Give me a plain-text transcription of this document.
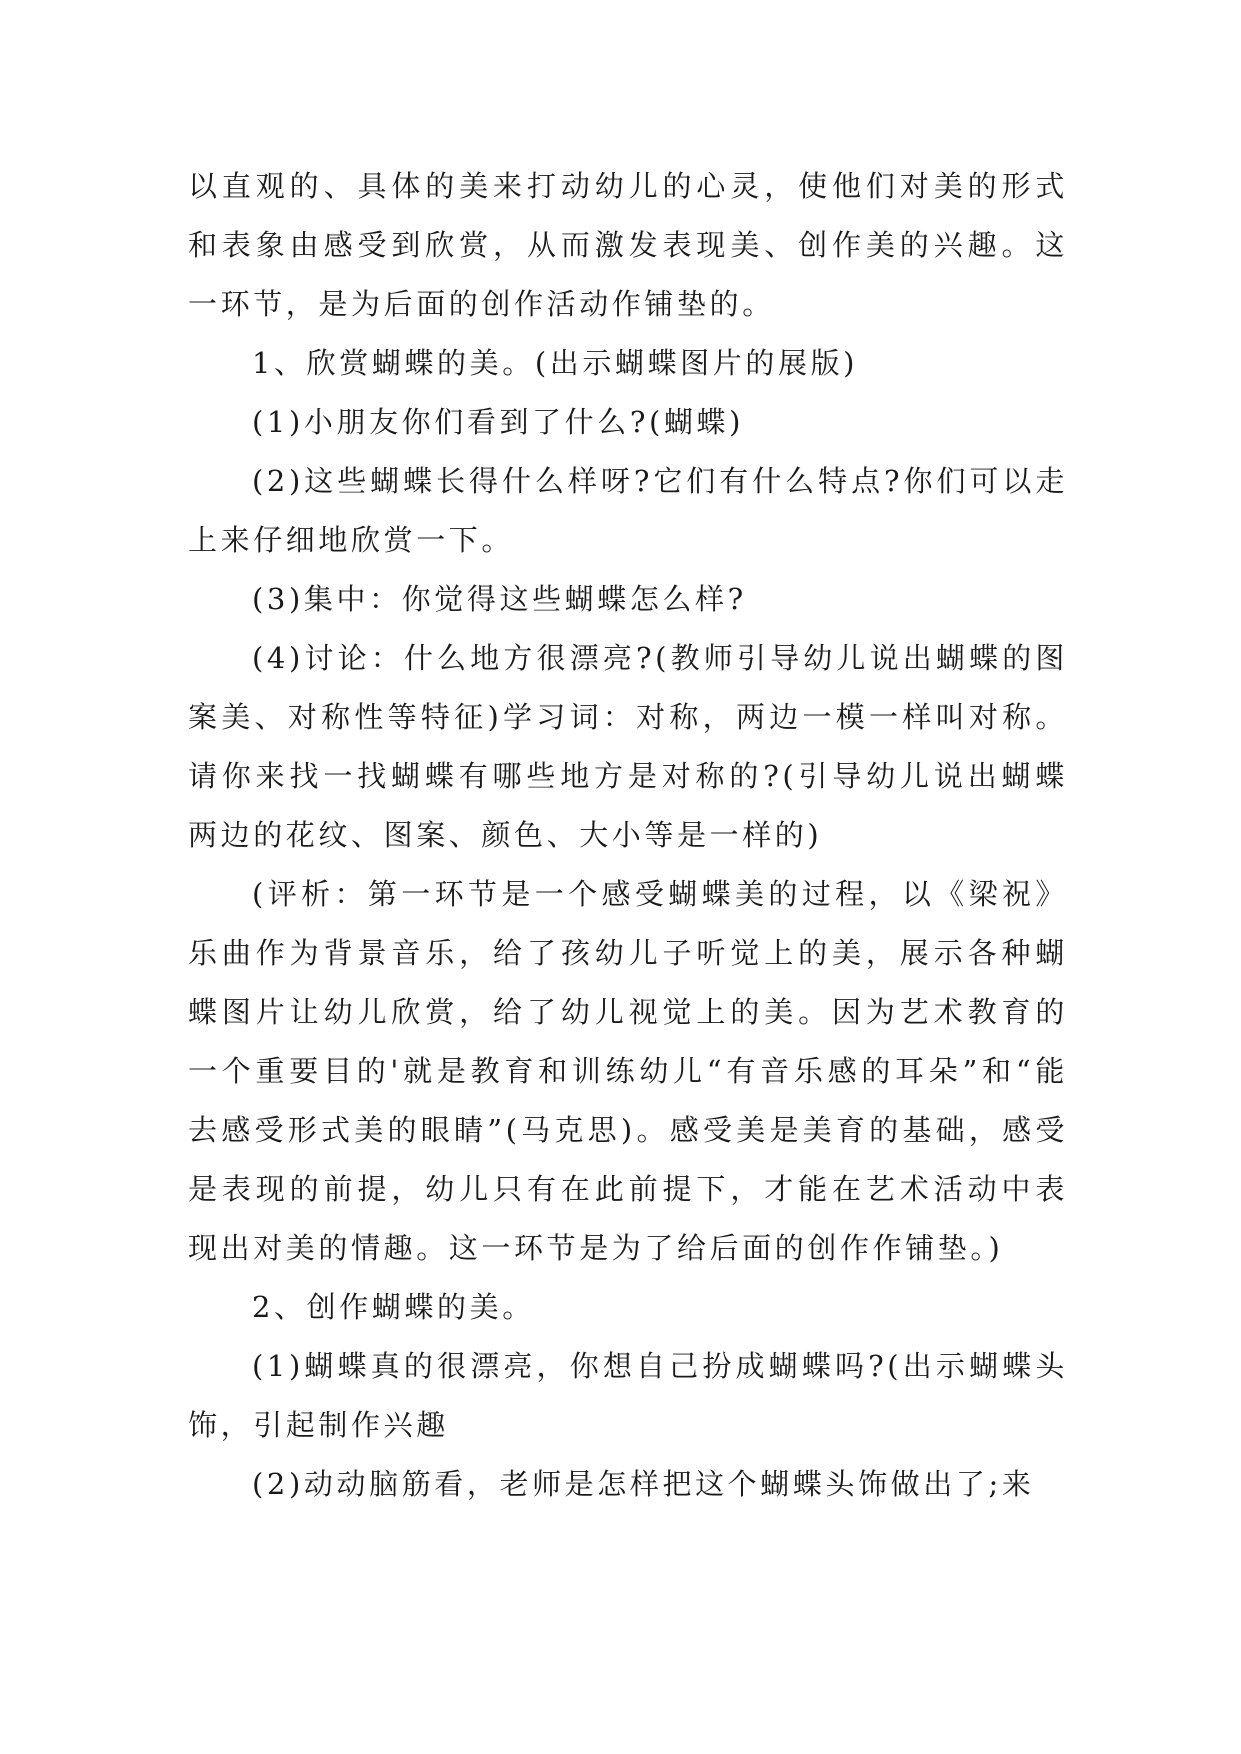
以直观的、具体的美来打动幼儿的心灵，使他们对美的形式和表象由感受到欣赏，从而激发表现美、创作美的兴趣。这一环节，是为后面的创作活动作铺垫的。

1、欣赏蝴蝶的美。(出示蝴蝶图片的展版)

(1)小朋友你们看到了什么?(蝴蝶)

(2)这些蝴蝶长得什么样呀?它们有什么特点?你们可以走上来仔细地欣赏一下。

(3)集中：你觉得这些蝴蝶怎么样?

(4)讨论：什么地方很漂亮?(教师引导幼儿说出蝴蝶的图案美、对称性等特征)学习词：对称，两边一模一样叫对称。请你来找一找蝴蝶有哪些地方是对称的?(引导幼儿说出蝴蝶两边的花纹、图案、颜色、大小等是一样的)

(评析：第一环节是一个感受蝴蝶美的过程，以《梁祝》乐曲作为背景音乐，给了孩幼儿子听觉上的美，展示各种蝴蝶图片让幼儿欣赏，给了幼儿视觉上的美。因为艺术教育的一个重要目的'就是教育和训练幼儿“有音乐感的耳朵”和“能去感受形式美的眼睛”(马克思)。感受美是美育的基础，感受是表现的前提，幼儿只有在此前提下，才能在艺术活动中表现出对美的情趣。这一环节是为了给后面的创作作铺垫。)

2、创作蝴蝶的美。

(1)蝴蝶真的很漂亮，你想自己扮成蝴蝶吗?(出示蝴蝶头饰，引起制作兴趣

(2)动动脑筋看，老师是怎样把这个蝴蝶头饰做出了;来
